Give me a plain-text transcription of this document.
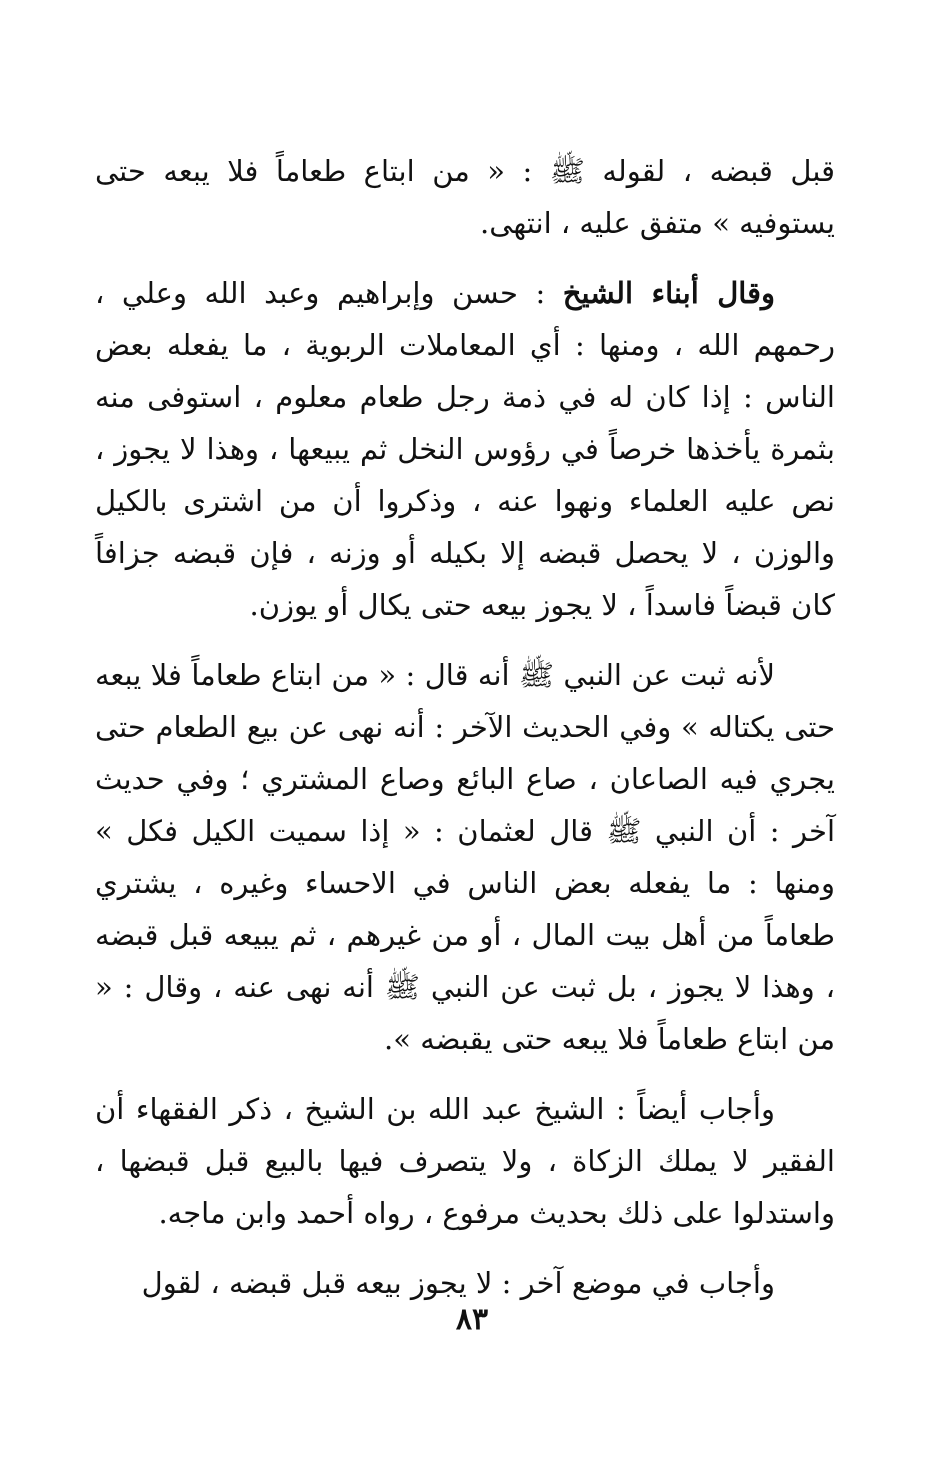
قبل قبضه ، لقوله ﷺ : « من ابتاع طعاماً فلا يبعه حتى يستوفيه » متفق عليه ، انتهى.

وقال أبناء الشيخ : حسن وإبراهيم وعبد الله وعلي ، رحمهم الله ، ومنها : أي المعاملات الربوية ، ما يفعله بعض الناس : إذا كان له في ذمة رجل طعام معلوم ، استوفى منه بثمرة يأخذها خرصاً في رؤوس النخل ثم يبيعها ، وهذا لا يجوز ، نص عليه العلماء ونهوا عنه ، وذكروا أن من اشترى بالكيل والوزن ، لا يحصل قبضه إلا بكيله أو وزنه ، فإن قبضه جزافاً كان قبضاً فاسداً ، لا يجوز بيعه حتى يكال أو يوزن.

لأنه ثبت عن النبي ﷺ أنه قال : « من ابتاع طعاماً فلا يبعه حتى يكتاله » وفي الحديث الآخر : أنه نهى عن بيع الطعام حتى يجري فيه الصاعان ، صاع البائع وصاع المشتري ؛ وفي حديث آخر : أن النبي ﷺ قال لعثمان : « إذا سميت الكيل فكل » ومنها : ما يفعله بعض الناس في الاحساء وغيره ، يشتري طعاماً من أهل بيت المال ، أو من غيرهم ، ثم يبيعه قبل قبضه ، وهذا لا يجوز ، بل ثبت عن النبي ﷺ أنه نهى عنه ، وقال : « من ابتاع طعاماً فلا يبعه حتى يقبضه ».

وأجاب أيضاً : الشيخ عبد الله بن الشيخ ، ذكر الفقهاء أن الفقير لا يملك الزكاة ، ولا يتصرف فيها بالبيع قبل قبضها ، واستدلوا على ذلك بحديث مرفوع ، رواه أحمد وابن ماجه.

وأجاب في موضع آخر : لا يجوز بيعه قبل قبضه ، لقول

٨٣
